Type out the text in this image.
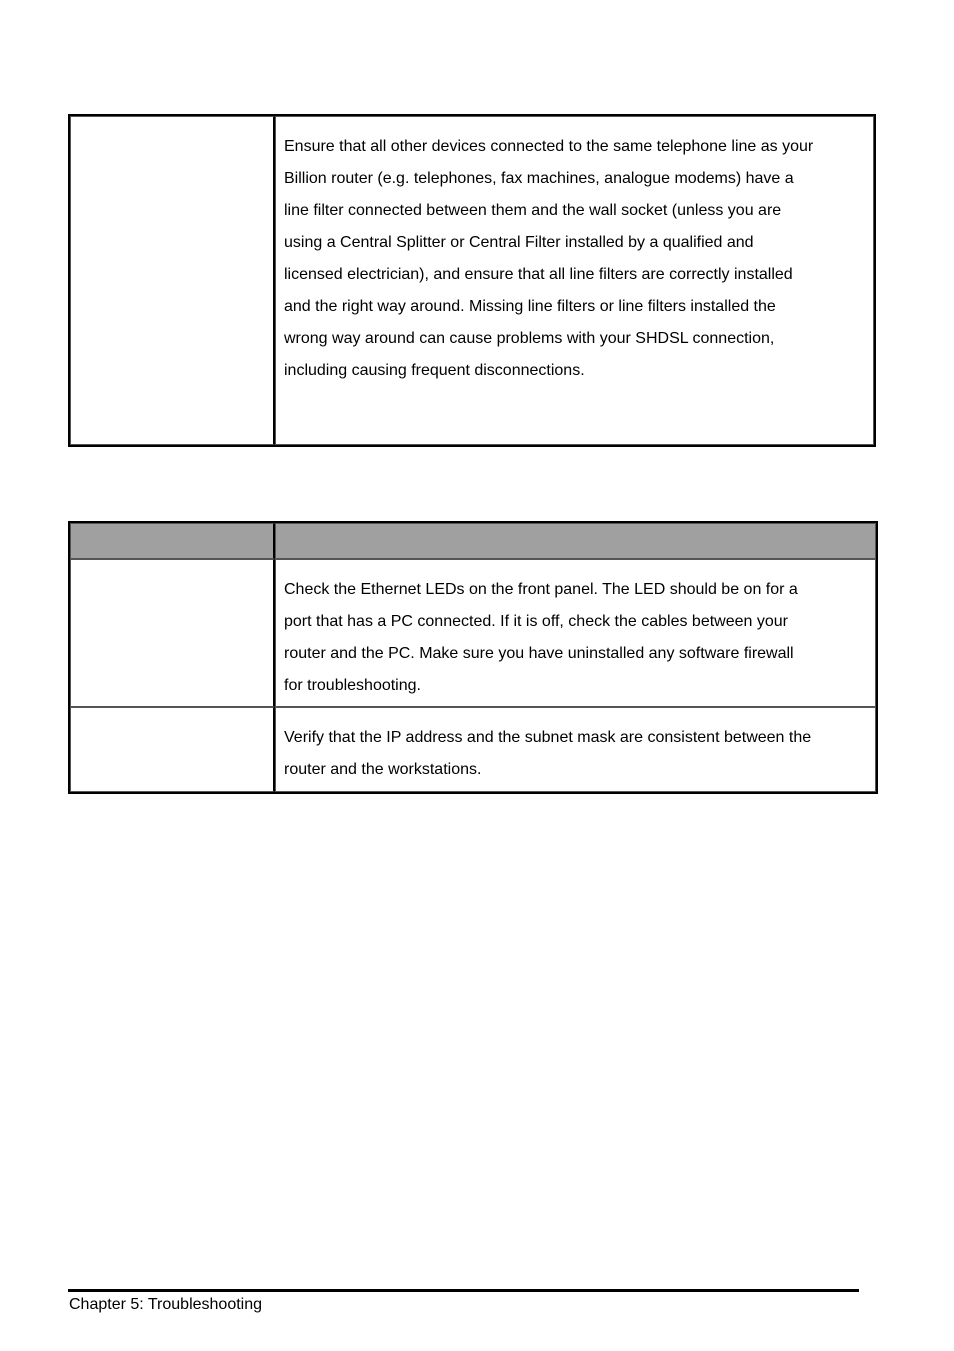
Ensure that all other devices connected to the same telephone line as your
Billion router (e.g. telephones, fax machines, analogue modems) have a
line filter connected between them and the wall socket (unless you are
using a Central Splitter or Central Filter installed by a qualified and
licensed electrician), and ensure that all line filters are correctly installed
and the right way around. Missing line filters or line filters installed the
wrong way around can cause problems with your SHDSL connection,
including causing frequent disconnections.

	Check the Ethernet LEDs on the front panel. The LED should be on for a
port that has a PC connected. If it is off, check the cables between your
router and the PC. Make sure you have uninstalled any software firewall
for troubleshooting.

	Verify that the IP address and the subnet mask are consistent between the
router and the workstations.
Chapter 5: Troubleshooting
